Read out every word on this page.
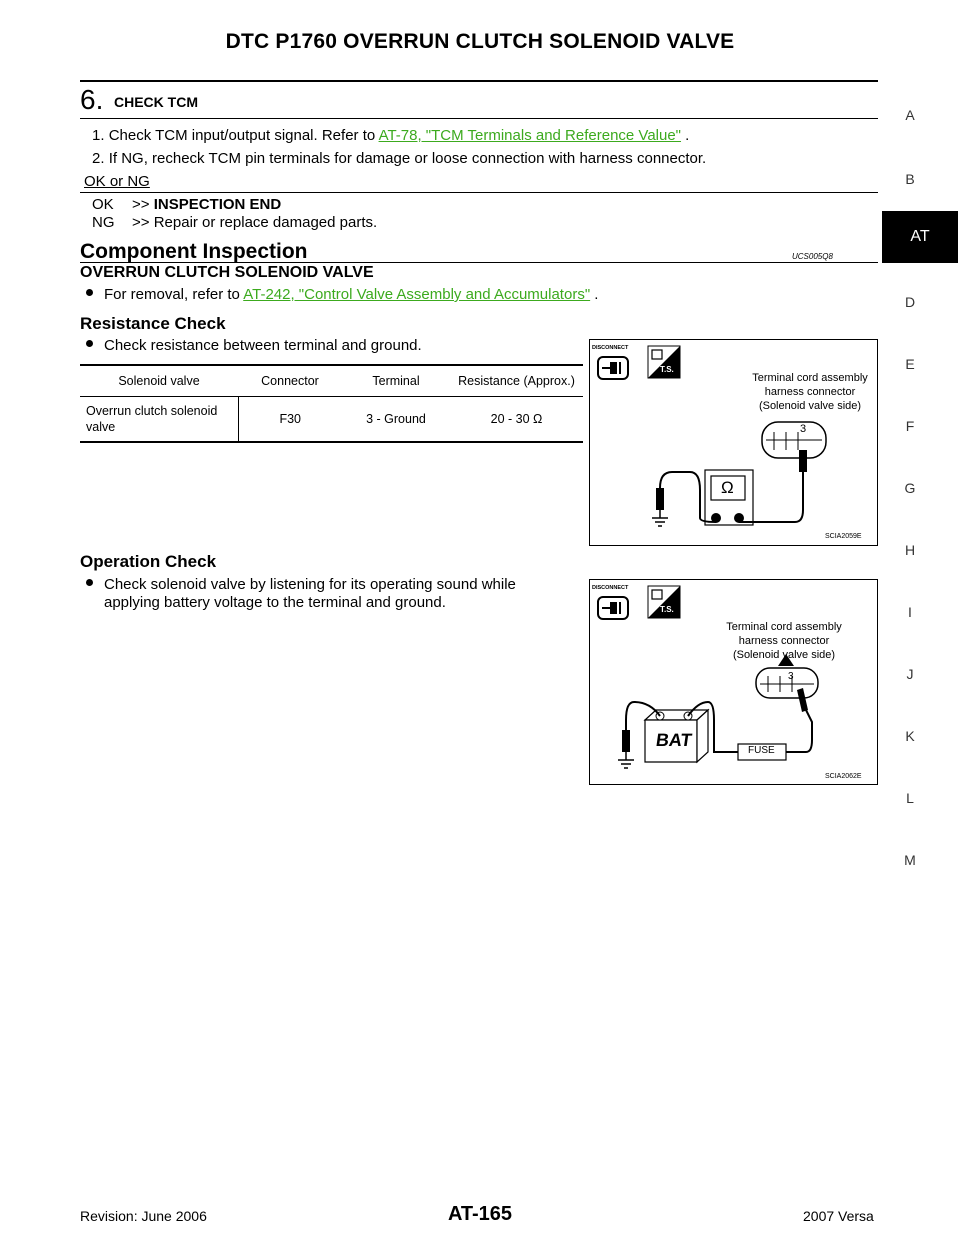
DTC P1760 OVERRUN CLUTCH SOLENOID VALVE
6. CHECK TCM
1. Check TCM input/output signal. Refer to AT-78, "TCM Terminals and Reference Value" .
2. If NG, recheck TCM pin terminals for damage or loose connection with harness connector.
OK or NG
OK >> INSPECTION END
NG >> Repair or replace damaged parts.
Component Inspection	UCS005Q8
OVERRUN CLUTCH SOLENOID VALVE
For removal, refer to AT-242, "Control Valve Assembly and Accumulators" .
Resistance Check
Check resistance between terminal and ground.
Solenoid valve	Connector	Terminal	Resistance (Approx.)
Overrun clutch solenoid
valve	F30	3 - Ground	20 - 30 Ω
DISCONNECT
T.S.
Terminal cord assembly
harness connector
(Solenoid valve side)
3
Ω
SCIA2059E
Operation Check
Check solenoid valve by listening for its operating sound while
applying battery voltage to the terminal and ground.
DISCONNECT
T.S.
Terminal cord assembly
harness connector
(Solenoid valve side)
3
BAT
FUSE
SCIA2062E
A
B
AT
D
E
F
G
H
I
J
K
L
M
Revision: June 2006	AT-165	2007 Versa
